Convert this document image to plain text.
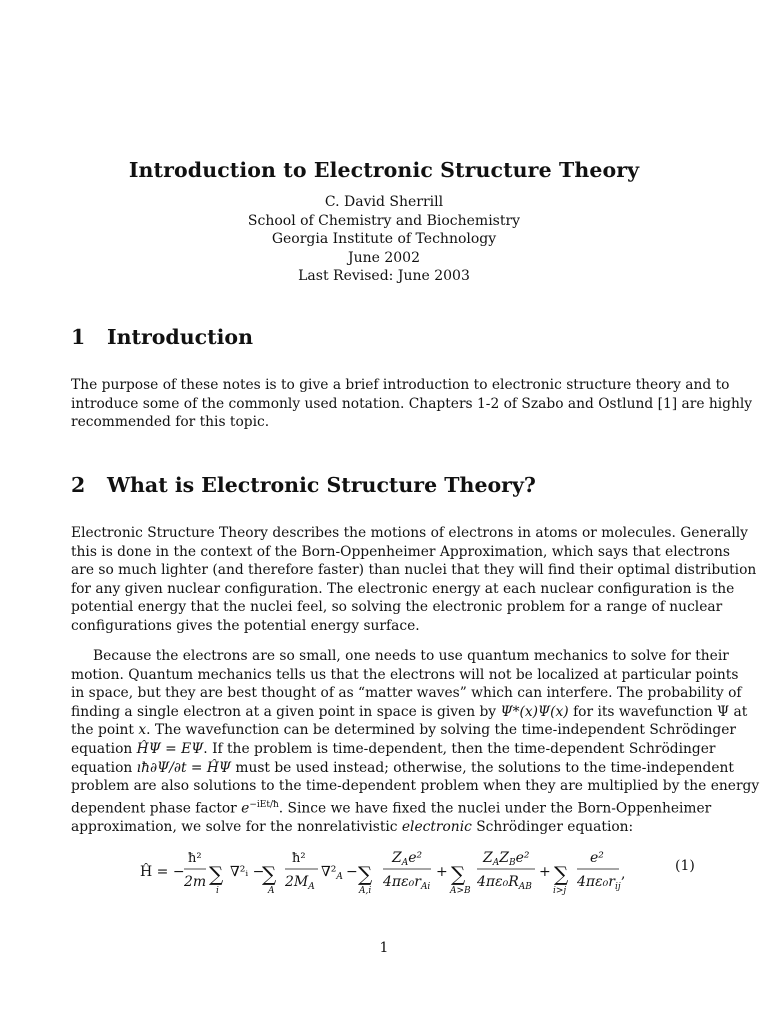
Introduction to Electronic Structure Theory
C. David Sherrill
School of Chemistry and Biochemistry
Georgia Institute of Technology
June 2002
Last Revised: June 2003
1 Introduction
The purpose of these notes is to give a brief introduction to electronic structure theory and to
introduce some of the commonly used notation. Chapters 1-2 of Szabo and Ostlund [1] are highly
recommended for this topic.
2 What is Electronic Structure Theory?
Electronic Structure Theory describes the motions of electrons in atoms or molecules. Generally
this is done in the context of the Born-Oppenheimer Approximation, which says that electrons
are so much lighter (and therefore faster) than nuclei that they will find their optimal distribution
for any given nuclear configuration. The electronic energy at each nuclear configuration is the
potential energy that the nuclei feel, so solving the electronic problem for a range of nuclear
configurations gives the potential energy surface.
Because the electrons are so small, one needs to use quantum mechanics to solve for their
motion. Quantum mechanics tells us that the electrons will not be localized at particular points
in space, but they are best thought of as “matter waves” which can interfere. The probability of
finding a single electron at a given point in space is given by Ψ*(x)Ψ(x) for its wavefunction Ψ at
the point x. The wavefunction can be determined by solving the time-independent Schrödinger
equation ĤΨ = EΨ. If the problem is time-dependent, then the time-dependent Schrödinger
equation ıħ∂Ψ/∂t = ĤΨ must be used instead; otherwise, the solutions to the time-independent
problem are also solutions to the time-dependent problem when they are multiplied by the energy
dependent phase factor $e^{-iEt/ħ}$. Since we have fixed the nuclei under the Born-Oppenheimer
approximation, we solve for the nonrelativistic electronic Schrödinger equation:
Ĥ = −
ħ²
2m ∑
i
∇²ᵢ −
∑
A
ħ²
$2M_A$
$\nabla^2_A$ − ∑
A,i
$Z_Ae^2$
$4\pi\varepsilon_0r_{Ai}$
+ ∑
A>B
$Z_AZ_Be^2$
$4\pi\varepsilon_0R_{AB}$
+ ∑
i>j
e²
$4\pi\varepsilon_0r_{ij}$
,	(1)
1
